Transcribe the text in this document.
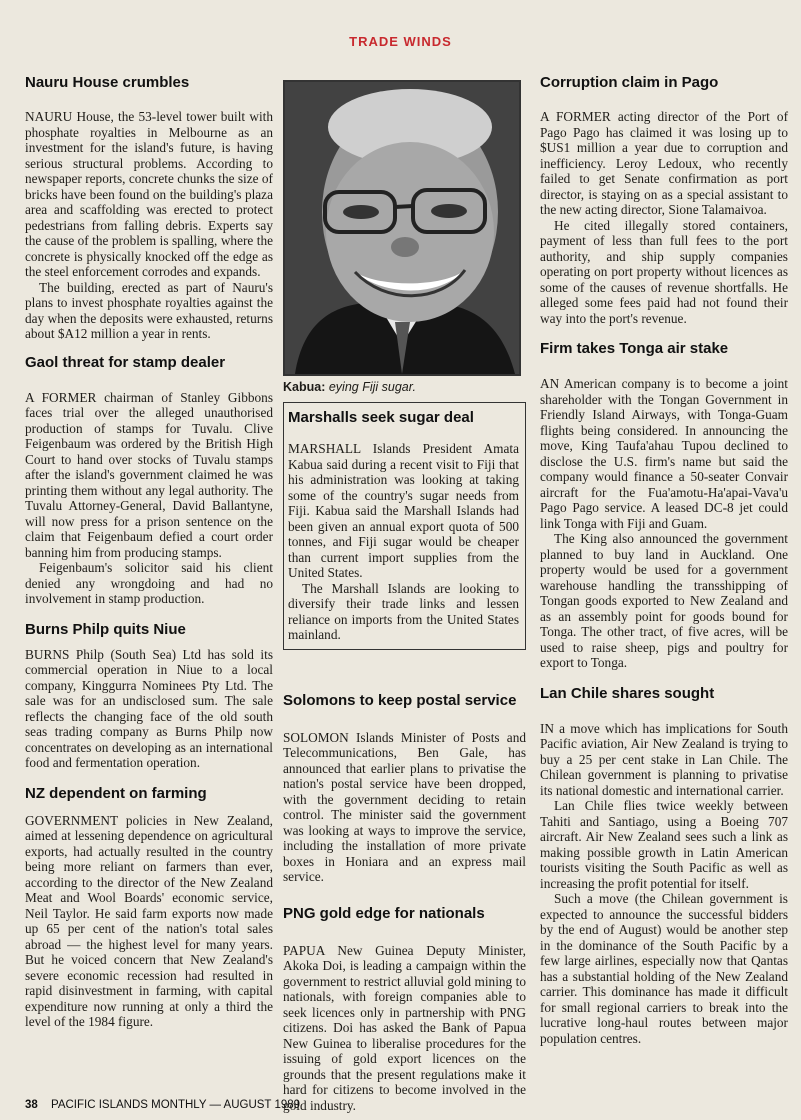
TRADE WINDS
Nauru House crumbles

NAURU House, the 53-level tower built with phosphate royalties in Melbourne as an investment for the island's future, is having serious structural problems. According to newspaper reports, concrete chunks the size of bricks have been found on the building's plaza area and scaffolding was erected to protect pedestrians from falling debris. Experts say the cause of the problem is spalling, where the concrete is physically knocked off the edge as the steel enforcement corrodes and expands.

The building, erected as part of Nauru's plans to invest phosphate royalties against the day when the deposits were exhausted, returns about $A12 million a year in rents.

Gaol threat for stamp dealer

A FORMER chairman of Stanley Gibbons faces trial over the alleged unauthorised production of stamps for Tuvalu. Clive Feigenbaum was ordered by the British High Court to hand over stocks of Tuvalu stamps after the island's government claimed he was printing them without any legal authority. The Tuvalu Attorney-General, David Ballantyne, will now press for a prison sentence on the claim that Feigenbaum defied a court order banning him from producing stamps.

Feigenbaum's solicitor said his client denied any wrongdoing and had no involvement in stamp production.

Burns Philp quits Niue

BURNS Philp (South Sea) Ltd has sold its commercial operation in Niue to a local company, Kinggurra Nominees Pty Ltd. The sale was for an undisclosed sum. The sale reflects the changing face of the old south seas trading company as Burns Philp now concentrates on developing as an international food and fermentation operation.

NZ dependent on farming

GOVERNMENT policies in New Zealand, aimed at lessening dependence on agricultural exports, had actually resulted in the country being more reliant on farmers than ever, according to the director of the New Zealand Meat and Wool Boards' economic service, Neil Taylor. He said farm exports now made up 65 per cent of the nation's total sales abroad — the highest level for many years. But he voiced concern that New Zealand's severe economic recession had resulted in rapid disinvestment in farming, with capital expenditure now running at only a third the level of the 1984 figure.

Kabua: eying Fiji sugar.
Marshalls seek sugar deal

MARSHALL Islands President Amata Kabua said during a recent visit to Fiji that his administration was looking at taking some of the country's sugar needs from Fiji. Kabua said the Marshall Islands had been given an annual export quota of 500 tonnes, and Fiji sugar would be cheaper than current import supplies from the United States.

The Marshall Islands are looking to diversify their trade links and lessen reliance on imports from the United States mainland.

Solomons to keep postal service

SOLOMON Islands Minister of Posts and Telecommunications, Ben Gale, has announced that earlier plans to privatise the nation's postal service have been dropped, with the government deciding to retain control. The minister said the government was looking at ways to improve the service, including the installation of more private boxes in Honiara and an express mail service.

PNG gold edge for nationals

PAPUA New Guinea Deputy Minister, Akoka Doi, is leading a campaign within the government to restrict alluvial gold mining to nationals, with foreign companies able to seek licences only in partnership with PNG citizens. Doi has asked the Bank of Papua New Guinea to liberalise procedures for the issuing of gold export licences on the grounds that the present regulations make it hard for citizens to become involved in the gold industry.

Corruption claim in Pago

A FORMER acting director of the Port of Pago Pago has claimed it was losing up to $US1 million a year due to corruption and inefficiency. Leroy Ledoux, who recently failed to get Senate confirmation as port director, is staying on as a special assistant to the new acting director, Sione Talamaivoa.

He cited illegally stored containers, payment of less than full fees to the port authority, and ship supply companies operating on port property without licences as some of the causes of revenue shortfalls. He alleged some fees paid had not found their way into the port's revenue.

Firm takes Tonga air stake

AN American company is to become a joint shareholder with the Tongan Government in Friendly Island Airways, with Tonga-Guam flights being considered. In announcing the move, King Taufa'ahau Tupou declined to disclose the U.S. firm's name but said the company would finance a 50-seater Convair aircraft for the Fua'amotu-Ha'apai-Vava'u Pago Pago service. A leased DC-8 jet could link Tonga with Fiji and Guam.

The King also announced the government planned to buy land in Auckland. One property would be used for a government warehouse handling the transshipping of Tongan goods exported to New Zealand and as an assembly point for goods bound for Tonga. The other tract, of five acres, will be used to raise sheep, pigs and poultry for export to Tonga.

Lan Chile shares sought

IN a move which has implications for South Pacific aviation, Air New Zealand is trying to buy a 25 per cent stake in Lan Chile. The Chilean government is planning to privatise its national domestic and international carrier.

Lan Chile flies twice weekly between Tahiti and Santiago, using a Boeing 707 aircraft. Air New Zealand sees such a link as making possible growth in Latin American tourists visiting the South Pacific as well as increasing the profit potential for itself.

Such a move (the Chilean government is expected to announce the successful bidders by the end of August) would be another step in the dominance of the South Pacific by a few large airlines, especially now that Qantas has a substantial holding of the New Zealand carrier. This dominance has made it difficult for small regional carriers to break into the lucrative long-haul routes between major population centres.

38 PACIFIC ISLANDS MONTHLY — AUGUST 1989
